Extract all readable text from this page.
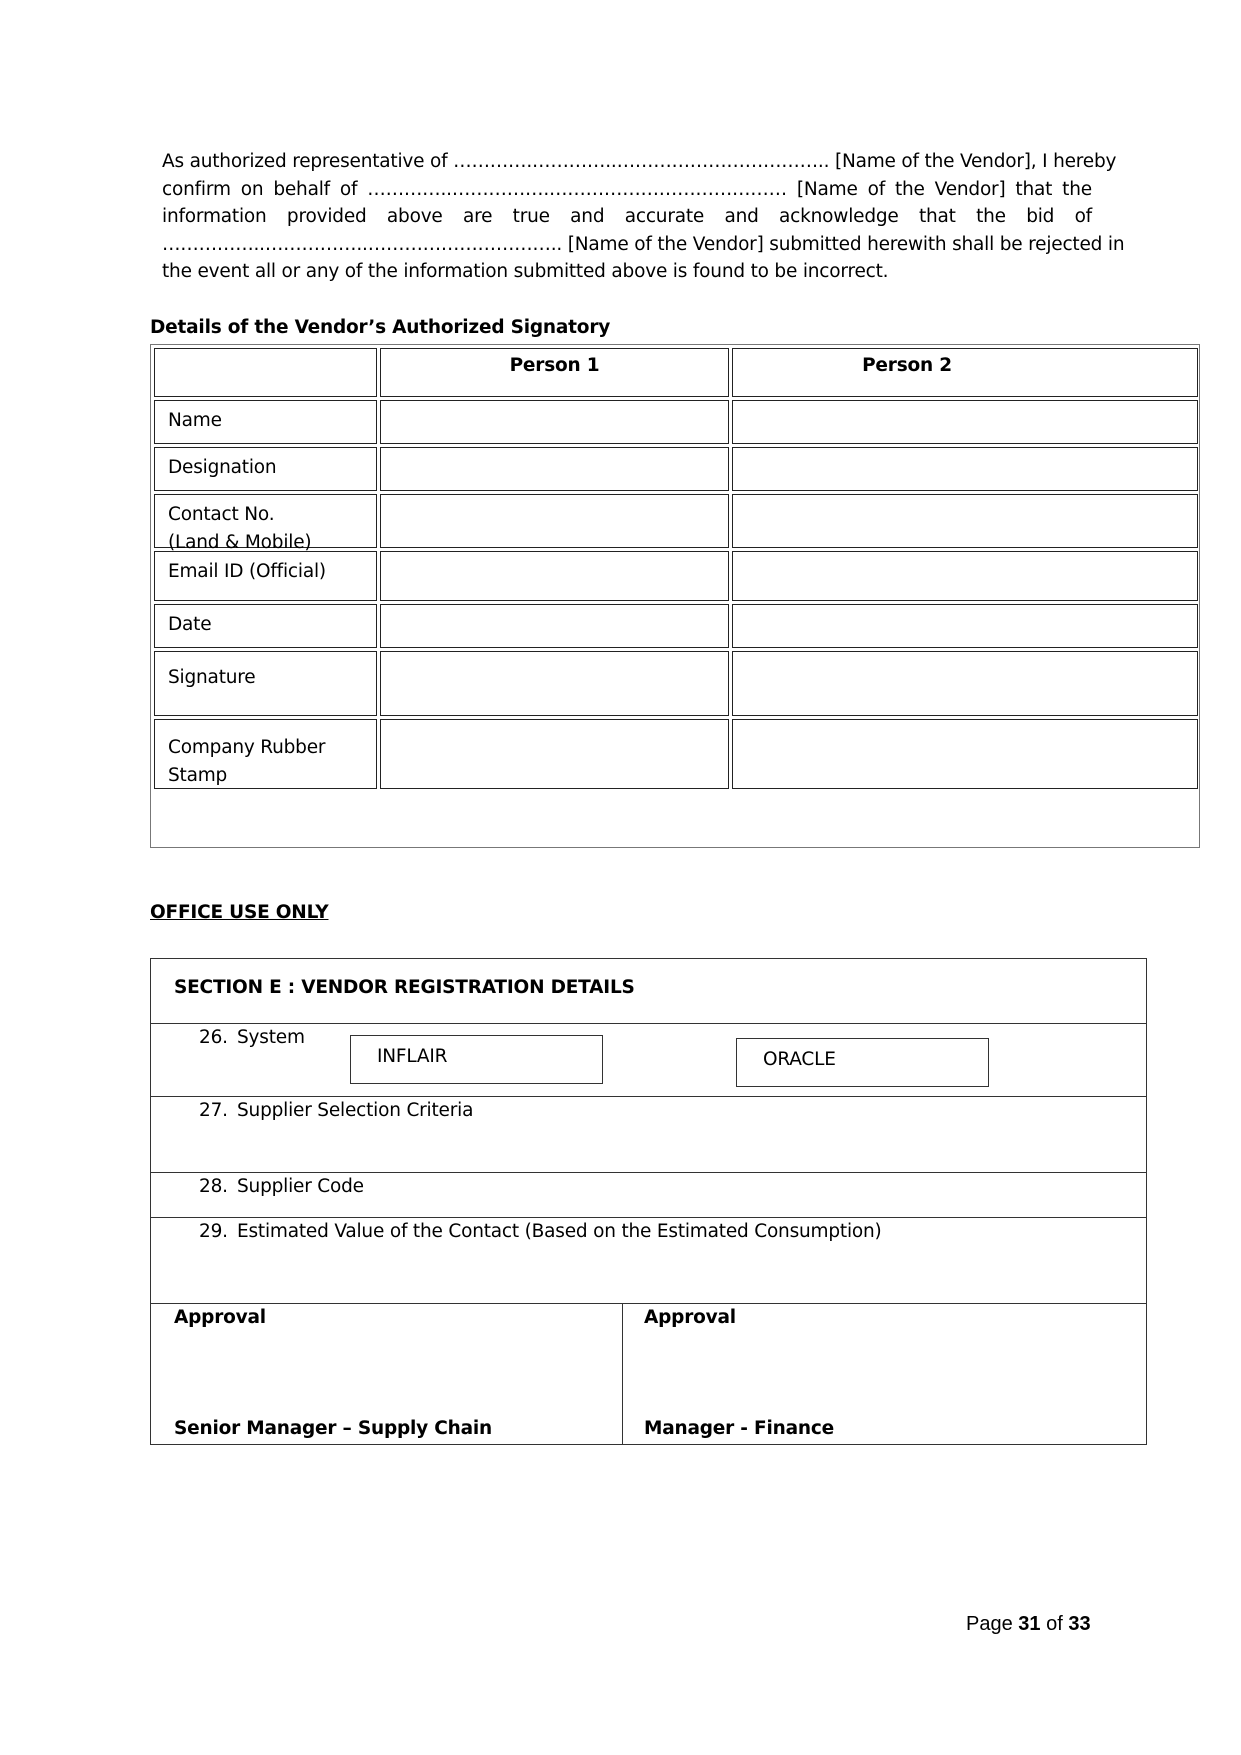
As authorized representative of ………….…………..…………………………….. [Name of the Vendor], I hereby
confirm on behalf of …………..…………….………………………………… [Name of the Vendor] that the
information provided above are true and accurate and acknowledge that the bid of
……………..……………..………………………….. [Name of the Vendor] submitted herewith shall be rejected in
the event all or any of the information submitted above is found to be incorrect.
Details of the Vendor’s Authorized Signatory
Person 1	Person 2
Name
Designation
Contact No.
(Land & Mobile)
Email ID (Official)
Date
Signature
Company Rubber Stamp
OFFICE USE ONLY
SECTION E : VENDOR REGISTRATION DETAILS
26. System
INFLAIR	ORACLE
27. Supplier Selection Criteria
28. Supplier Code
29. Estimated Value of the Contact (Based on the Estimated Consumption)
Approval
Senior Manager – Supply Chain
Approval
Manager - Finance
Page 31 of 33
